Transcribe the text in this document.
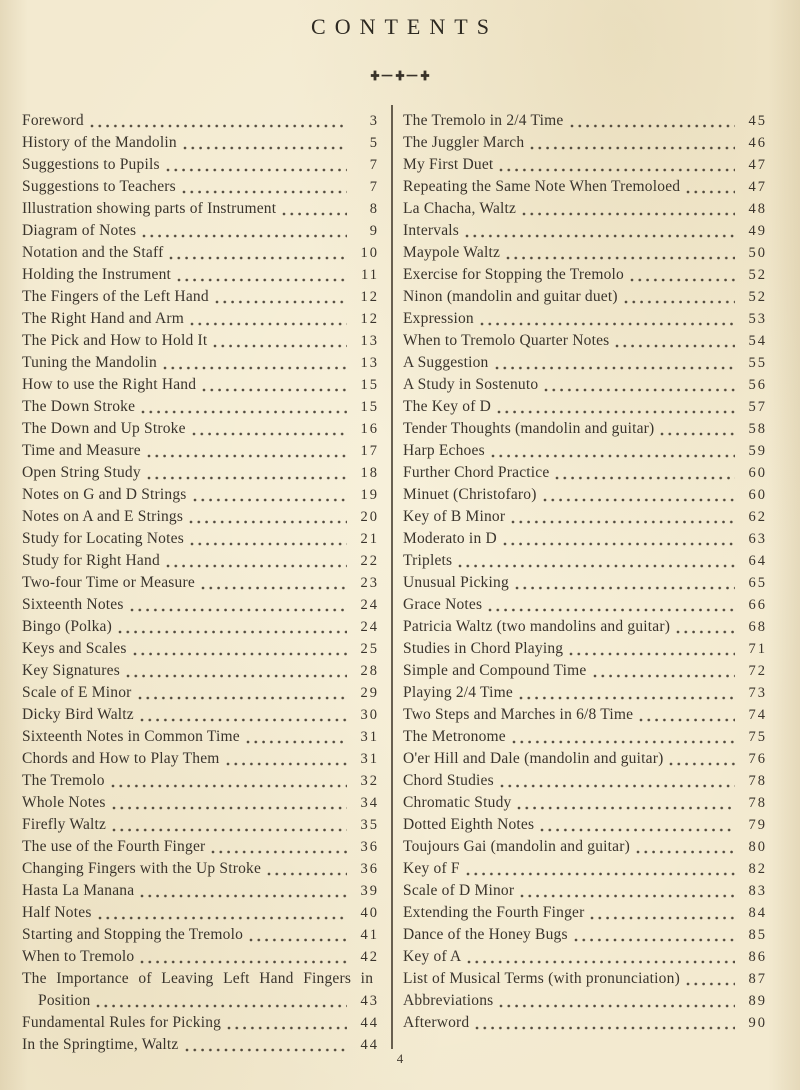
CONTENTS
Foreword	3
History of the Mandolin	5
Suggestions to Pupils	7
Suggestions to Teachers	7
Illustration showing parts of Instrument	8
Diagram of Notes	9
Notation and the Staff	10
Holding the Instrument	11
The Fingers of the Left Hand	12
The Right Hand and Arm	12
The Pick and How to Hold It	13
Tuning the Mandolin	13
How to use the Right Hand	15
The Down Stroke	15
The Down and Up Stroke	16
Time and Measure	17
Open String Study	18
Notes on G and D Strings	19
Notes on A and E Strings	20
Study for Locating Notes	21
Study for Right Hand	22
Two-four Time or Measure	23
Sixteenth Notes	24
Bingo (Polka)	24
Keys and Scales	25
Key Signatures	28
Scale of E Minor	29
Dicky Bird Waltz	30
Sixteenth Notes in Common Time	31
Chords and How to Play Them	31
The Tremolo	32
Whole Notes	34
Firefly Waltz	35
The use of the Fourth Finger	36
Changing Fingers with the Up Stroke	36
Hasta La Manana	39
Half Notes	40
Starting and Stopping the Tremolo	41
When to Tremolo	42
The Importance of Leaving Left Hand Fingers in
Position	43
Fundamental Rules for Picking	44
In the Springtime, Waltz	44
The Tremolo in 2/4 Time	45
The Juggler March	46
My First Duet	47
Repeating the Same Note When Tremoloed	47
La Chacha, Waltz	48
Intervals	49
Maypole Waltz	50
Exercise for Stopping the Tremolo	52
Ninon (mandolin and guitar duet)	52
Expression	53
When to Tremolo Quarter Notes	54
A Suggestion	55
A Study in Sostenuto	56
The Key of D	57
Tender Thoughts (mandolin and guitar)	58
Harp Echoes	59
Further Chord Practice	60
Minuet (Christofaro)	60
Key of B Minor	62
Moderato in D	63
Triplets	64
Unusual Picking	65
Grace Notes	66
Patricia Waltz (two mandolins and guitar)	68
Studies in Chord Playing	71
Simple and Compound Time	72
Playing 2/4 Time	73
Two Steps and Marches in 6/8 Time	74
The Metronome	75
O'er Hill and Dale (mandolin and guitar)	76
Chord Studies	78
Chromatic Study	78
Dotted Eighth Notes	79
Toujours Gai (mandolin and guitar)	80
Key of F	82
Scale of D Minor	83
Extending the Fourth Finger	84
Dance of the Honey Bugs	85
Key of A	86
List of Musical Terms (with pronunciation)	87
Abbreviations	89
Afterword	90
4
